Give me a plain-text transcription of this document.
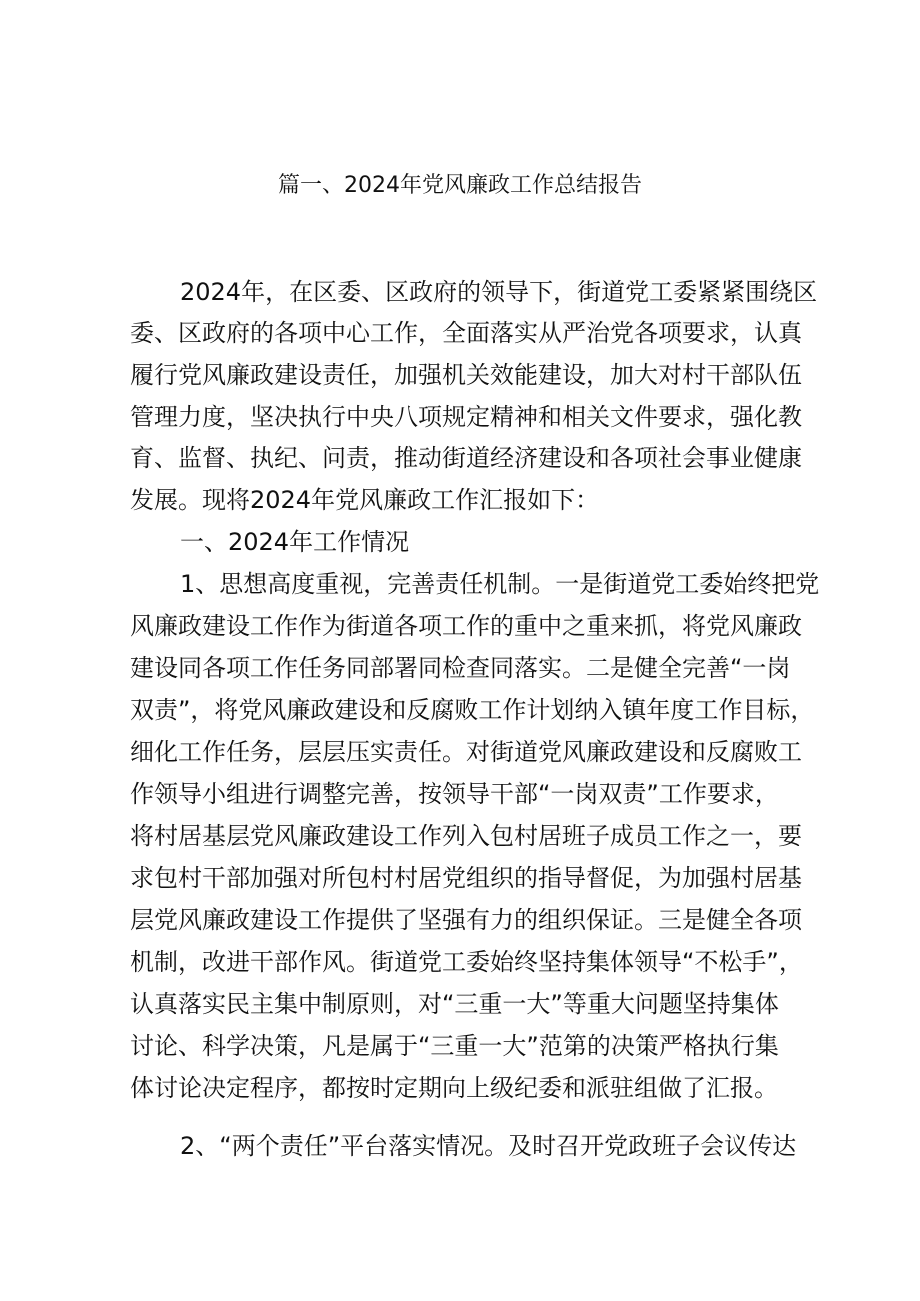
篇一、2024年党风廉政工作总结报告

2024年，在区委、区政府的领导下，街道党工委紧紧围绕区

委、区政府的各项中心工作，全面落实从严治党各项要求，认真

履行党风廉政建设责任，加强机关效能建设，加大对村干部队伍

管理力度，坚决执行中央八项规定精神和相关文件要求，强化教

育、监督、执纪、问责，推动街道经济建设和各项社会事业健康

发展。现将2024年党风廉政工作汇报如下：

一、2024年工作情况

1、思想高度重视，完善责任机制。一是街道党工委始终把党

风廉政建设工作作为街道各项工作的重中之重来抓，将党风廉政

建设同各项工作任务同部署同检查同落实。二是健全完善“一岗

双责”，将党风廉政建设和反腐败工作计划纳入镇年度工作目标，

细化工作任务，层层压实责任。对街道党风廉政建设和反腐败工

作领导小组进行调整完善，按领导干部“一岗双责”工作要求，

将村居基层党风廉政建设工作列入包村居班子成员工作之一，要

求包村干部加强对所包村村居党组织的指导督促，为加强村居基

层党风廉政建设工作提供了坚强有力的组织保证。三是健全各项

机制，改进干部作风。街道党工委始终坚持集体领导“不松手”，

认真落实民主集中制原则，对“三重一大”等重大问题坚持集体

讨论、科学决策，凡是属于“三重一大”范第的决策严格执行集

体讨论决定程序，都按时定期向上级纪委和派驻组做了汇报。

2、“两个责任”平台落实情况。及时召开党政班子会议传达
